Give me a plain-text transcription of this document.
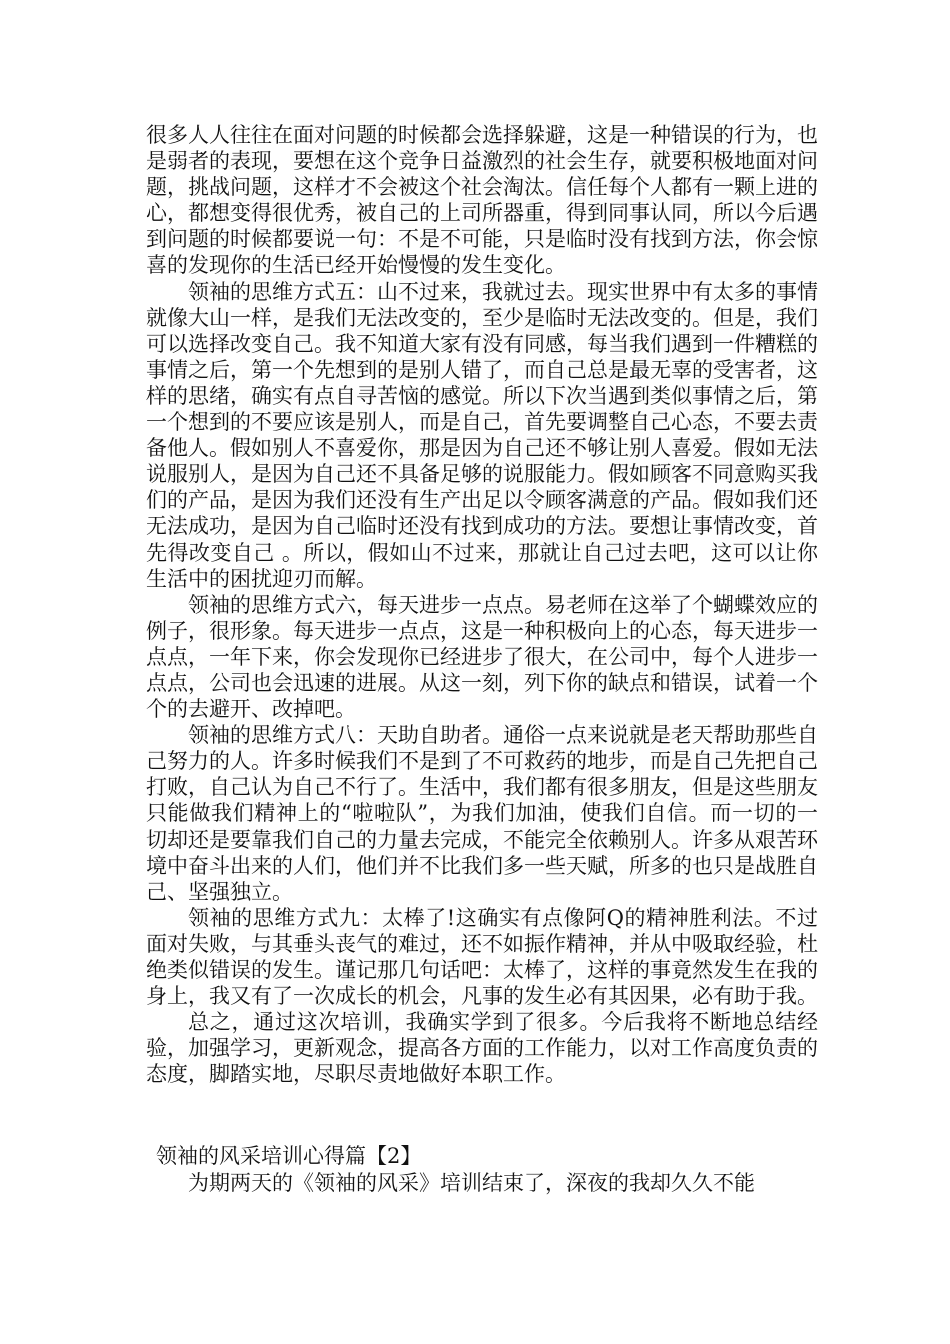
很多人人往往在面对问题的时候都会选择躲避，这是一种错误的行为，也是弱者的表现，要想在这个竞争日益激烈的社会生存，就要积极地面对问题，挑战问题，这样才不会被这个社会淘汰。信任每个人都有一颗上进的心，都想变得很优秀，被自己的上司所器重，得到同事认同，所以今后遇到问题的时候都要说一句：不是不可能，只是临时没有找到方法，你会惊喜的发现你的生活已经开始慢慢的发生变化。

领袖的思维方式五：山不过来，我就过去。现实世界中有太多的事情就像大山一样，是我们无法改变的，至少是临时无法改变的。但是，我们可以选择改变自己。我不知道大家有没有同感，每当我们遇到一件糟糕的事情之后，第一个先想到的是别人错了，而自己总是最无辜的受害者，这样的思绪，确实有点自寻苦恼的感觉。所以下次当遇到类似事情之后，第一个想到的不要应该是别人，而是自己，首先要调整自己心态，不要去责备他人。假如别人不喜爱你，那是因为自己还不够让别人喜爱。假如无法说服别人，是因为自己还不具备足够的说服能力。假如顾客不同意购买我们的产品，是因为我们还没有生产出足以令顾客满意的产品。假如我们还无法成功，是因为自己临时还没有找到成功的方法。要想让事情改变，首先得改变自己 。所以，假如山不过来，那就让自己过去吧，这可以让你生活中的困扰迎刃而解。

领袖的思维方式六，每天进步一点点。易老师在这举了个蝴蝶效应的例子，很形象。每天进步一点点，这是一种积极向上的心态，每天进步一点点，一年下来，你会发现你已经进步了很大，在公司中，每个人进步一点点，公司也会迅速的进展。从这一刻，列下你的缺点和错误，试着一个个的去避开、改掉吧。

领袖的思维方式八：天助自助者。通俗一点来说就是老天帮助那些自己努力的人。许多时候我们不是到了不可救药的地步，而是自己先把自己打败，自己认为自己不行了。生活中，我们都有很多朋友，但是这些朋友只能做我们精神上的“啦啦队”，为我们加油，使我们自信。而一切的一切却还是要靠我们自己的力量去完成，不能完全依赖别人。许多从艰苦环境中奋斗出来的人们，他们并不比我们多一些天赋，所多的也只是战胜自己、坚强独立。

领袖的思维方式九：太棒了!这确实有点像阿Q的精神胜利法。不过面对失败，与其垂头丧气的难过，还不如振作精神，并从中吸取经验，杜绝类似错误的发生。谨记那几句话吧：太棒了，这样的事竟然发生在我的身上，我又有了一次成长的机会，凡事的发生必有其因果，必有助于我。

总之，通过这次培训，我确实学到了很多。今后我将不断地总结经验，加强学习，更新观念，提高各方面的工作能力，以对工作高度负责的态度，脚踏实地，尽职尽责地做好本职工作。

领袖的风采培训心得篇【2】

为期两天的《领袖的风采》培训结束了，深夜的我却久久不能
